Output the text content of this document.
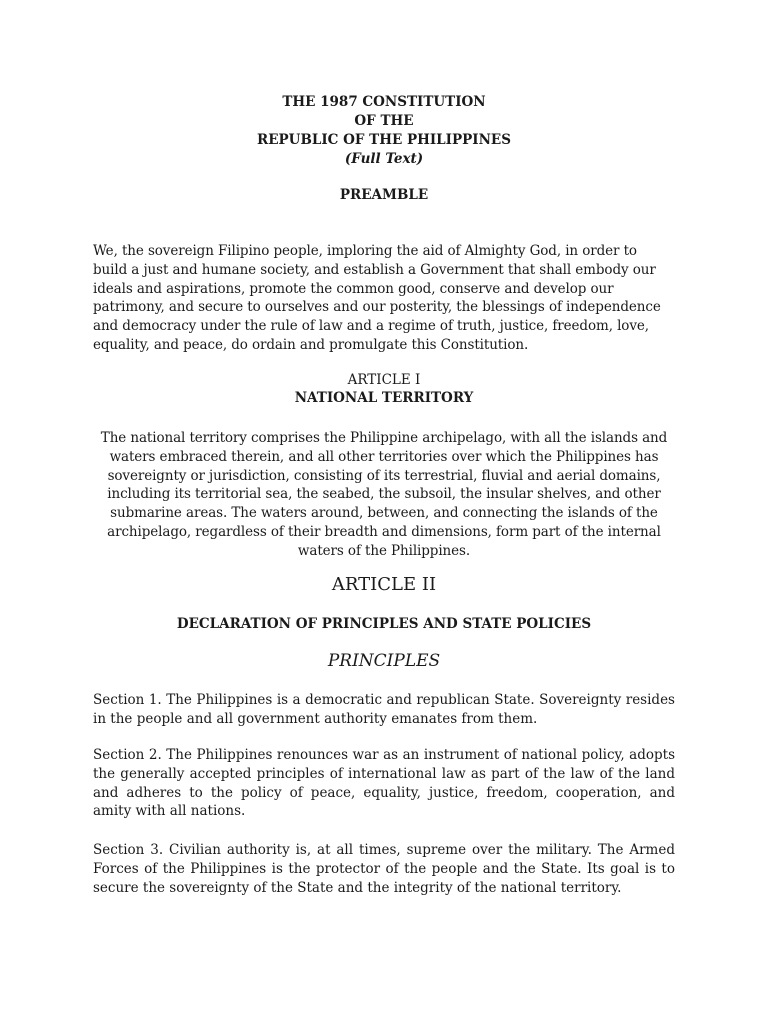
THE 1987 CONSTITUTION
OF THE
REPUBLIC OF THE PHILIPPINES
(Full Text)
PREAMBLE
We, the sovereign Filipino people, imploring the aid of Almighty God, in order to
build a just and humane society, and establish a Government that shall embody our
ideals and aspirations, promote the common good, conserve and develop our
patrimony, and secure to ourselves and our posterity, the blessings of independence
and democracy under the rule of law and a regime of truth, justice, freedom, love,
equality, and peace, do ordain and promulgate this Constitution.
ARTICLE I
NATIONAL TERRITORY
The national territory comprises the Philippine archipelago, with all the islands and
waters embraced therein, and all other territories over which the Philippines has
sovereignty or jurisdiction, consisting of its terrestrial, fluvial and aerial domains,
including its territorial sea, the seabed, the subsoil, the insular shelves, and other
submarine areas. The waters around, between, and connecting the islands of the
archipelago, regardless of their breadth and dimensions, form part of the internal
waters of the Philippines.
ARTICLE II
DECLARATION OF PRINCIPLES AND STATE POLICIES
PRINCIPLES
Section 1. The Philippines is a democratic and republican State. Sovereignty resides in the people and all government authority emanates from them.
Section 2. The Philippines renounces war as an instrument of national policy, adopts the generally accepted principles of international law as part of the law of the land and adheres to the policy of peace, equality, justice, freedom, cooperation, and amity with all nations.
Section 3. Civilian authority is, at all times, supreme over the military. The Armed Forces of the Philippines is the protector of the people and the State. Its goal is to secure the sovereignty of the State and the integrity of the national territory.
